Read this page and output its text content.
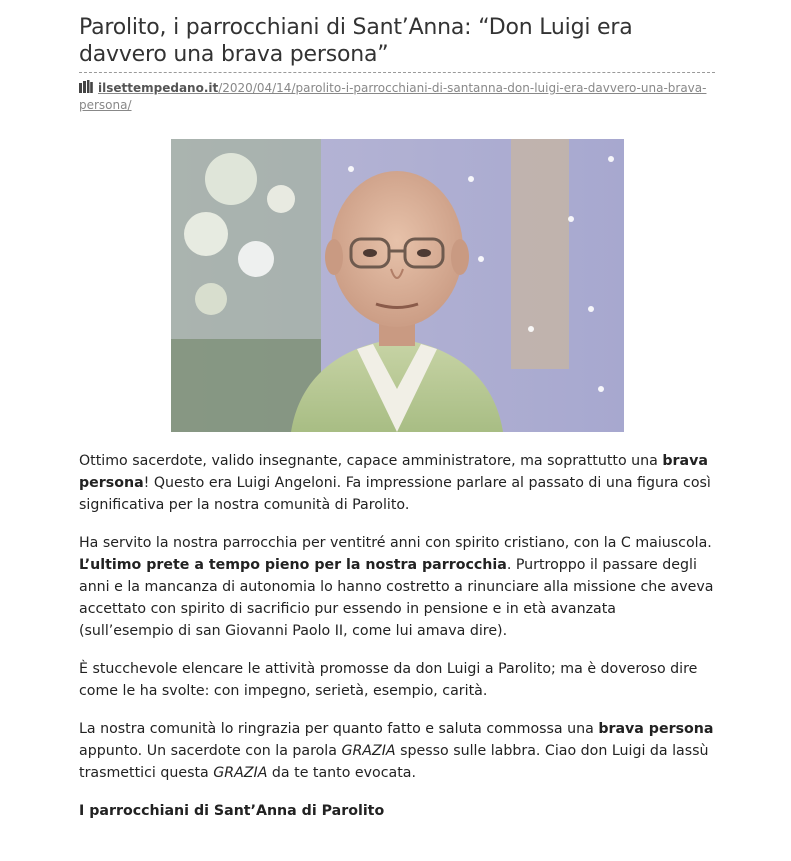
Parolito, i parrocchiani di Sant’Anna: “Don Luigi era davvero una brava persona”
ilsettempedano.it/2020/04/14/parolito-i-parrocchiani-di-santanna-don-luigi-era-davvero-una-brava-persona/

Ottimo sacerdote, valido insegnante, capace amministratore, ma soprattutto una brava persona! Questo era Luigi Angeloni. Fa impressione parlare al passato di una figura così significativa per la nostra comunità di Parolito.

Ha servito la nostra parrocchia per ventitré anni con spirito cristiano, con la C maiuscola. L’ultimo prete a tempo pieno per la nostra parrocchia. Purtroppo il passare degli anni e la mancanza di autonomia lo hanno costretto a rinunciare alla missione che aveva accettato con spirito di sacrificio pur essendo in pensione e in età avanzata (sull’esempio di san Giovanni Paolo II, come lui amava dire).

È stucchevole elencare le attività promosse da don Luigi a Parolito; ma è doveroso dire come le ha svolte: con impegno, serietà, esempio, carità.

La nostra comunità lo ringrazia per quanto fatto e saluta commossa una brava persona appunto. Un sacerdote con la parola GRAZIA spesso sulle labbra. Ciao don Luigi da lassù trasmettici questa GRAZIA da te tanto evocata.

I parrocchiani di Sant’Anna di Parolito
